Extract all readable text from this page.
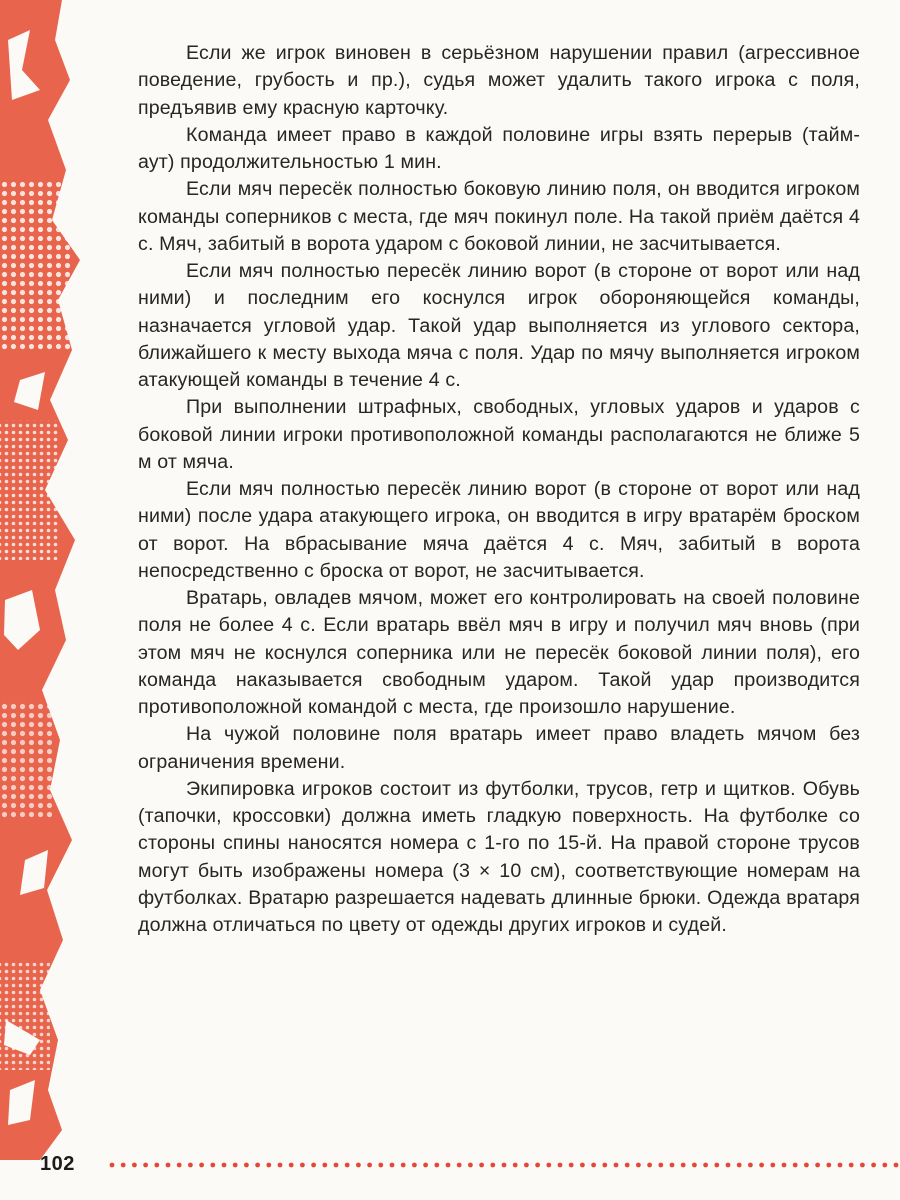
Если же игрок виновен в серьёзном нарушении правил (агрессивное поведение, грубость и пр.), судья может удалить такого игрока с поля, предъявив ему красную карточку.

Команда имеет право в каждой половине игры взять перерыв (тайм-аут) продолжительностью 1 мин.

Если мяч пересёк полностью боковую линию поля, он вводится игроком команды соперников с места, где мяч покинул поле. На такой приём даётся 4 с. Мяч, забитый в ворота ударом с боковой линии, не засчитывается.

Если мяч полностью пересёк линию ворот (в стороне от ворот или над ними) и последним его коснулся игрок обороняющейся команды, назначается угловой удар. Такой удар выполняется из углового сектора, ближайшего к месту выхода мяча с поля. Удар по мячу выполняется игроком атакующей команды в течение 4 с.

При выполнении штрафных, свободных, угловых ударов и ударов с боковой линии игроки противоположной команды располагаются не ближе 5 м от мяча.

Если мяч полностью пересёк линию ворот (в стороне от ворот или над ними) после удара атакующего игрока, он вводится в игру вратарём броском от ворот. На вбрасывание мяча даётся 4 с. Мяч, забитый в ворота непосредственно с броска от ворот, не засчитывается.

Вратарь, овладев мячом, может его контролировать на своей половине поля не более 4 с. Если вратарь ввёл мяч в игру и получил мяч вновь (при этом мяч не коснулся соперника или не пересёк боковой линии поля), его команда наказывается свободным ударом. Такой удар производится противоположной командой с места, где произошло нарушение.

На чужой половине поля вратарь имеет право владеть мячом без ограничения времени.

Экипировка игроков состоит из футболки, трусов, гетр и щитков. Обувь (тапочки, кроссовки) должна иметь гладкую поверхность. На футболке со стороны спины наносятся номера с 1-го по 15-й. На правой стороне трусов могут быть изображены номера (3 × 10 см), соответствующие номерам на футболках. Вратарю разрешается надевать длинные брюки. Одежда вратаря должна отличаться по цвету от одежды других игроков и судей.

102
